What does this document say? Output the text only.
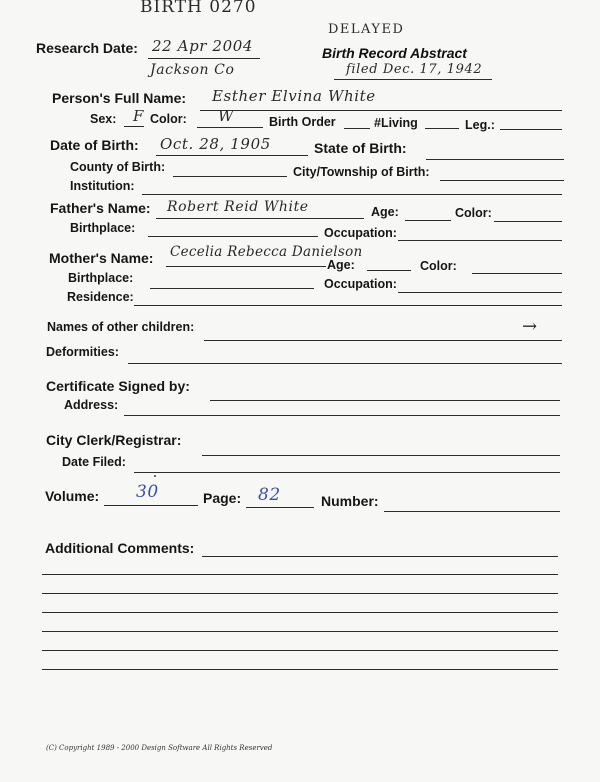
BIRTH 0270
Research Date: 22 Apr 2004
Jackson Co
DELAYED
Birth Record Abstract
filed Dec. 17, 1942
Person's Full Name: Esther Elvina White
Sex: F Color: W	Birth Order	#Living	Leg.:
Date of Birth: Oct. 28, 1905	State of Birth:
County of Birth:	City/Township of Birth:
Institution:
Father's Name: Robert Reid White	Age:	Color:
Birthplace:	Occupation:
Mother's Name: Cecelia Rebecca Danielson
Age:	Color:
Birthplace:	Occupation:
Residence:
Names of other children:	→
Deformities:
Certificate Signed by:
Address:
City Clerk/Registrar:
Date Filed:
Volume: 30	Page: 82	Number:
Additional Comments:
(C) Copyright 1989 - 2000 Design Software All Rights Reserved
